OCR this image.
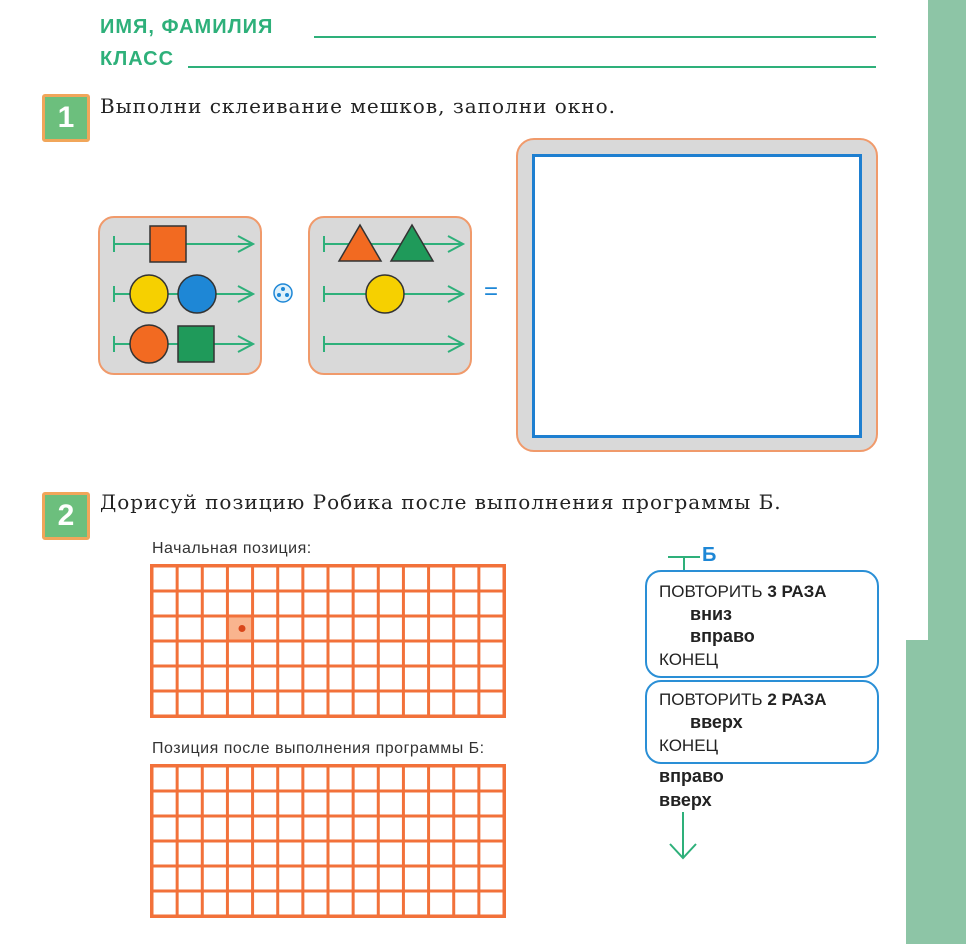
ИМЯ, ФАМИЛИЯ
КЛАСС
1	Выполни склеивание мешков, заполни окно.
=
2	Дорисуй позицию Робика после выполнения программы Б.
Начальная позиция:
Позиция после выполнения программы Б:
Б
ПОВТОРИТЬ 3 РАЗА
вниз
вправо
КОНЕЦ
ПОВТОРИТЬ 2 РАЗА
вверх
КОНЕЦ
вправо
вверх
